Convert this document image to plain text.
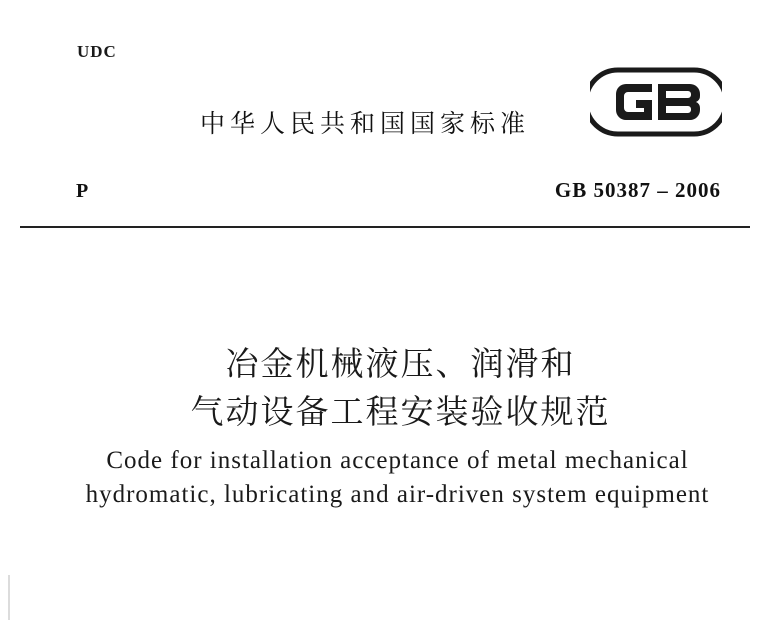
UDC
中华人民共和国国家标准
P	GB 50387 – 2006
冶金机械液压、润滑和
气动设备工程安装验收规范
Code for installation acceptance of metal mechanical
hydromatic, lubricating and air-driven system equipment
